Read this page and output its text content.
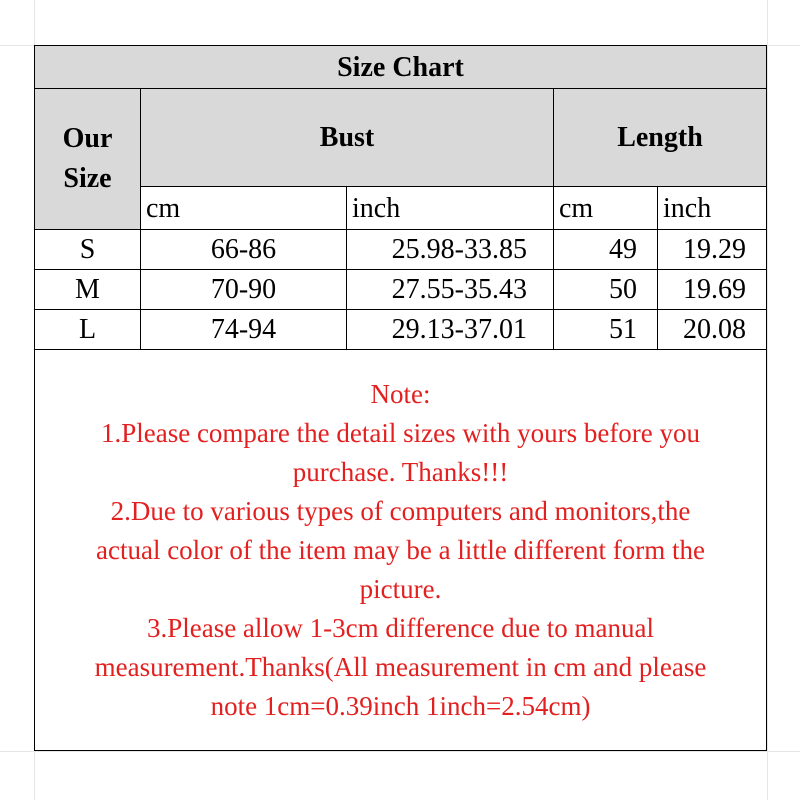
Size Chart
Our
Size
Bust	Length
cm	inch	cm	inch
S	66-86	25.98-33.85	49	19.29
M	70-90	27.55-35.43	50	19.69
L	74-94	29.13-37.01	51	20.08
Note:
1.Please compare the detail sizes with yours before you
purchase. Thanks!!!
2.Due to various types of computers and monitors,the
actual color of the item may be a little different form the
picture.
3.Please allow 1-3cm difference due to manual
measurement.Thanks(All measurement in cm and please
note 1cm=0.39inch 1inch=2.54cm)
